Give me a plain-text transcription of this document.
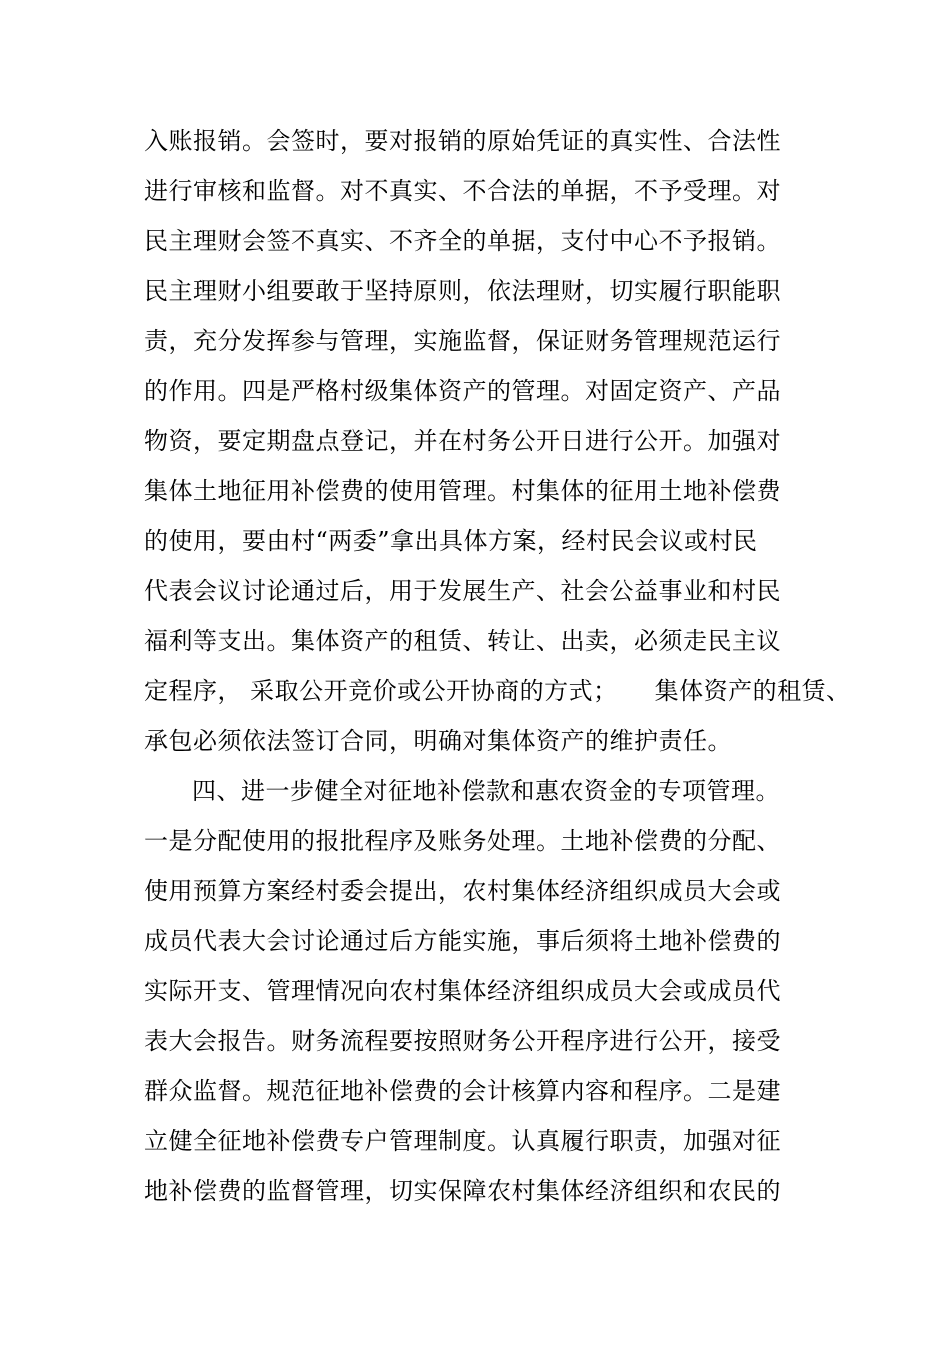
入账报销。会签时，要对报销的原始凭证的真实性、合法性
进行审核和监督。对不真实、不合法的单据，不予受理。对
民主理财会签不真实、不齐全的单据，支付中心不予报销。
民主理财小组要敢于坚持原则，依法理财，切实履行职能职
责，充分发挥参与管理，实施监督，保证财务管理规范运行
的作用。四是严格村级集体资产的管理。对固定资产、产品
物资，要定期盘点登记，并在村务公开日进行公开。加强对
集体土地征用补偿费的使用管理。村集体的征用土地补偿费
的使用，要由村“两委”拿出具体方案，经村民会议或村民
代表会议讨论通过后，用于发展生产、社会公益事业和村民
福利等支出。集体资产的租赁、转让、出卖，必须走民主议
定程序， 采取公开竞价或公开协商的方式；　　集体资产的租赁、
承包必须依法签订合同，明确对集体资产的维护责任。
四、进一步健全对征地补偿款和惠农资金的专项管理。
一是分配使用的报批程序及账务处理。土地补偿费的分配、
使用预算方案经村委会提出，农村集体经济组织成员大会或
成员代表大会讨论通过后方能实施，事后须将土地补偿费的
实际开支、管理情况向农村集体经济组织成员大会或成员代
表大会报告。财务流程要按照财务公开程序进行公开，接受
群众监督。规范征地补偿费的会计核算内容和程序。二是建
立健全征地补偿费专户管理制度。认真履行职责，加强对征
地补偿费的监督管理，切实保障农村集体经济组织和农民的
